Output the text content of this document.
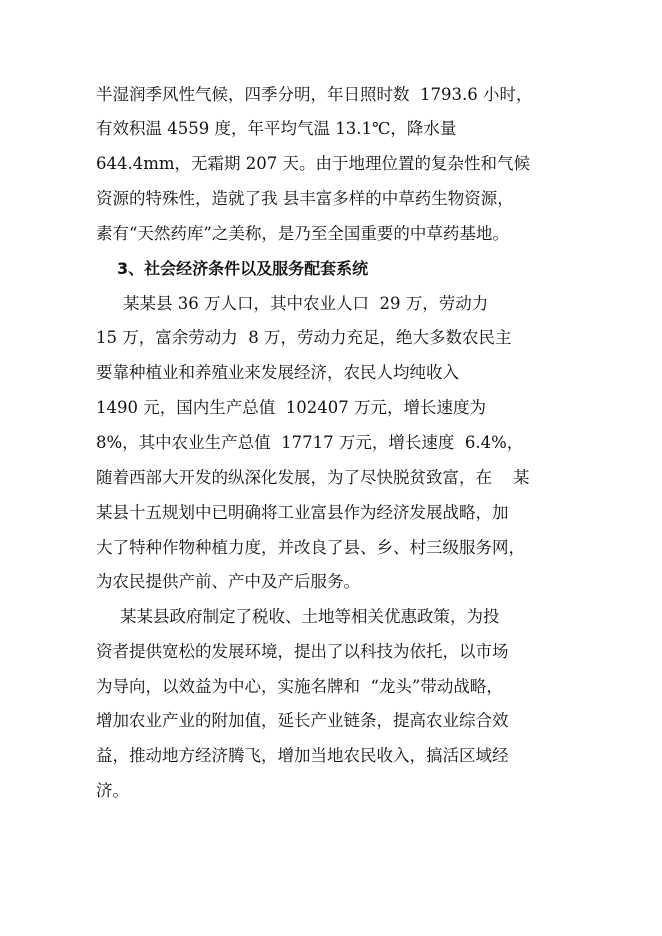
半湿润季风性气候，四季分明，年日照时数  1793.6 小时，
有效积温 4559 度，年平均气温 13.1℃，降水量
644.4mm，无霜期 207 天。由于地理位置的复杂性和气候
资源的特殊性，造就了我 县丰富多样的中草药生物资源，
素有“天然药库”之美称，是乃至全国重要的中草药基地。
3、社会经济条件以及服务配套系统
某某县 36 万人口，其中农业人口  29 万，劳动力
15 万，富余劳动力  8 万，劳动力充足，绝大多数农民主
要靠种植业和养殖业来发展经济，农民人均纯收入
1490 元，国内生产总值  102407 万元，增长速度为
8%，其中农业生产总值  17717 万元，增长速度  6.4%，
随着西部大开发的纵深化发展，为了尽快脱贫致富，在    某
某县十五规划中已明确将工业富县作为经济发展战略，加
大了特种作物种植力度，并改良了县、乡、村三级服务网，
为农民提供产前、产中及产后服务。
某某县政府制定了税收、土地等相关优惠政策，为投
资者提供宽松的发展环境，提出了以科技为依托，以市场
为导向，以效益为中心，实施名牌和  “龙头”带动战略，
增加农业产业的附加值，延长产业链条，提高农业综合效
益，推动地方经济腾飞，增加当地农民收入，搞活区域经
济。
